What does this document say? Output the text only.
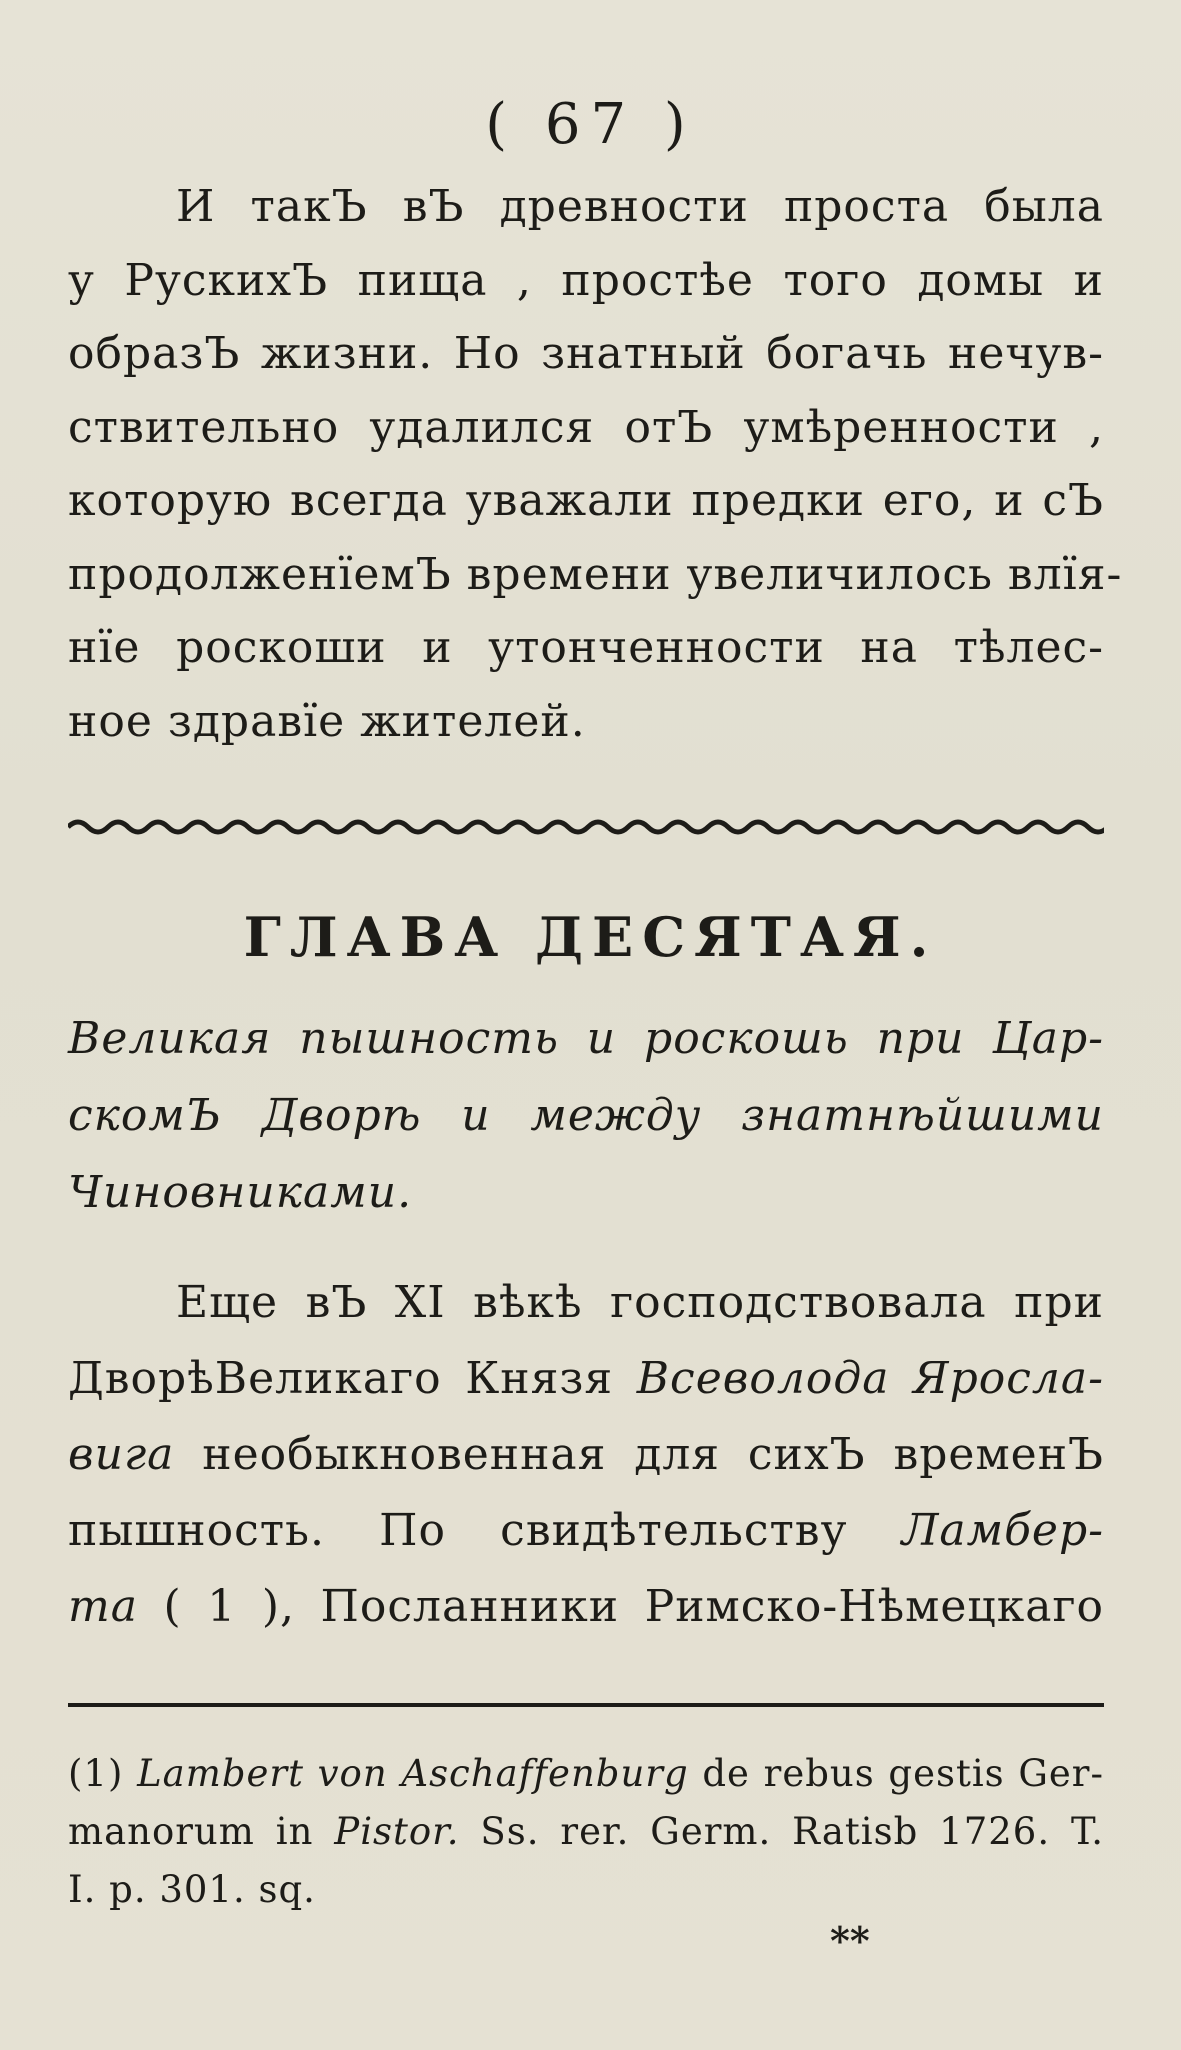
( 67 )
И такЪ вЪ древности проста была
у РускихЪ пища , простѣе того домы и
образЪ жизни. Но знатный богачь нечув-
ствительно удалился отЪ умѣренности ,
которую всегда уважали предки его, и сЪ
продолженїемЪ времени увеличилось влїя-
нїе роскоши и утонченности на тѣлес-
ное здравїе жителей.
ГЛАВА ДЕСЯТАЯ.
Великая пышность и роскошь при Цар-
скомЪ Дворѣ и между знатнѣйшими
Чиновниками.
Еще вЪ XI вѣкѣ господствовала при
ДворѣВеликаго Князя Всеволода Яросла-
вига необыкновенная для сихЪ временЪ
пышность. По свидѣтельству Ламбер-
та ( 1 ), Посланники Римско-Нѣмецкаго
(1) Lambert von Aschaffenburg de rebus gestis Ger-
manorum in Pistor. Ss. rer. Germ. Ratisb 1726. T.
I. p. 301. sq.
**
